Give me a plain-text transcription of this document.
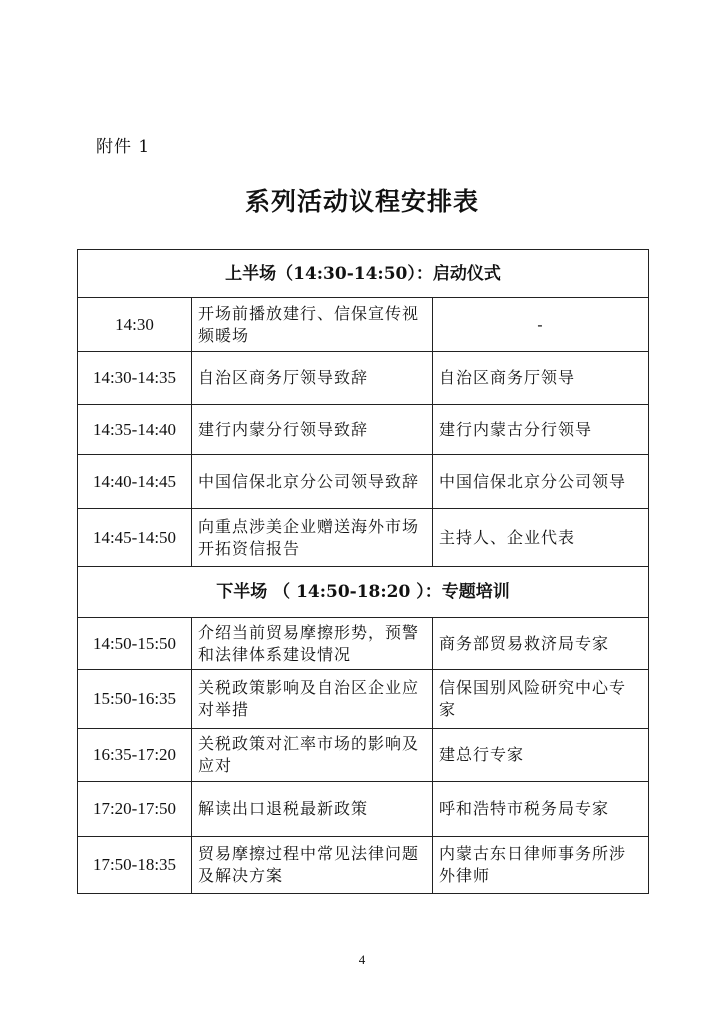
附件 1
系列活动议程安排表
上半场（14:30-14:50）：启动仪式		
14:30	开场前播放建行、信保宣传视频暖场	-
14:30-14:35	自治区商务厅领导致辞	自治区商务厅领导
14:35-14:40	建行内蒙分行领导致辞	建行内蒙古分行领导
14:40-14:45	中国信保北京分公司领导致辞	中国信保北京分公司领导
14:45-14:50	向重点涉美企业赠送海外市场开拓资信报告	主持人、企业代表
下半场 （ 14:50-18:20 ）：专题培训		
14:50-15:50	介绍当前贸易摩擦形势，预警和法律体系建设情况	商务部贸易救济局专家
15:50-16:35	关税政策影响及自治区企业应对举措	信保国别风险研究中心专家
16:35-17:20	关税政策对汇率市场的影响及应对	建总行专家
17:20-17:50	解读出口退税最新政策	呼和浩特市税务局专家
17:50-18:35	贸易摩擦过程中常见法律问题及解决方案	内蒙古东日律师事务所涉外律师
4
